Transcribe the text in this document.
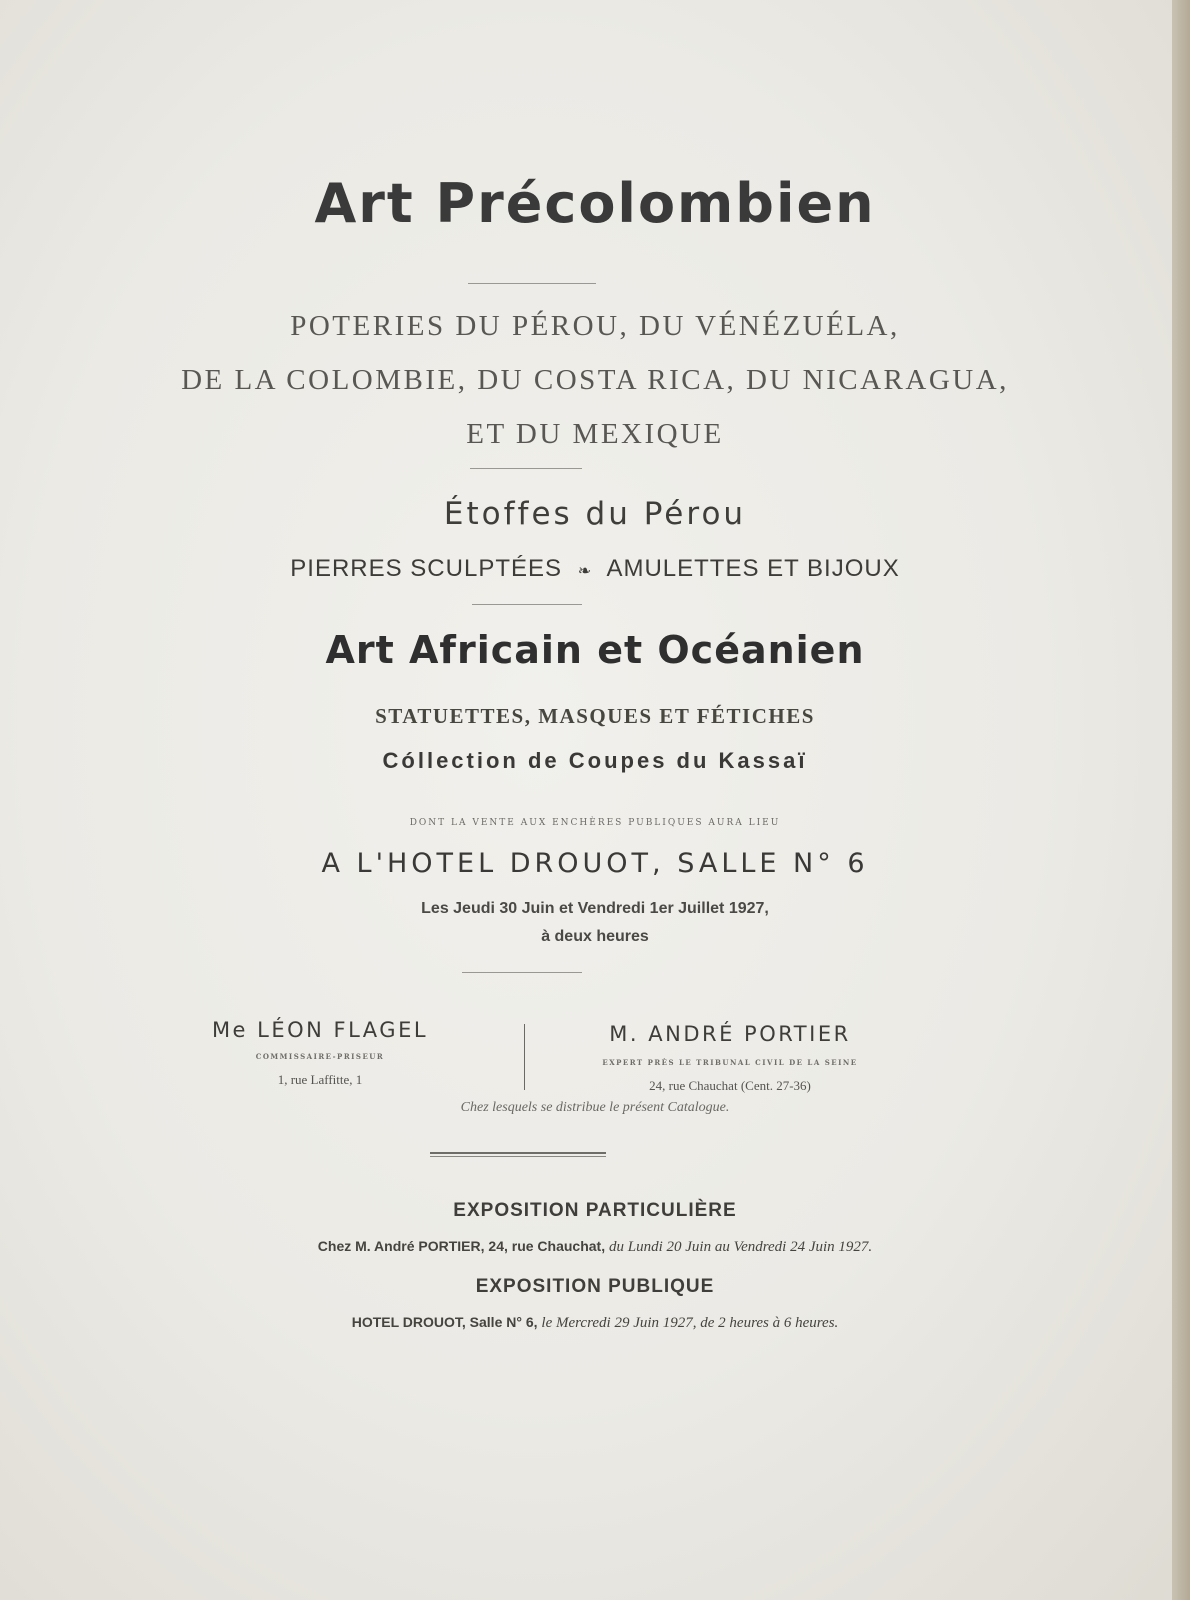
Art Précolombien
POTERIES DU PÉROU, DU VÉNÉZUÉLA,
DE LA COLOMBIE, DU COSTA RICA, DU NICARAGUA,
ET DU MEXIQUE
Étoffes du Pérou
PIERRES SCULPTÉES ❧ AMULETTES ET BIJOUX
Art Africain et Océanien
STATUETTES, MASQUES ET FÉTICHES
Cóllection de Coupes du Kassaï
DONT LA VENTE AUX ENCHÈRES PUBLIQUES AURA LIEU
A L'HOTEL DROUOT, SALLE N° 6
Les Jeudi 30 Juin et Vendredi 1er Juillet 1927,
à deux heures
Me LÉON FLAGEL
COMMISSAIRE-PRISEUR
1, rue Laffitte, 1
M. ANDRÉ PORTIER
EXPERT PRÈS LE TRIBUNAL CIVIL DE LA SEINE
24, rue Chauchat (Cent. 27-36)
Chez lesquels se distribue le présent Catalogue.
EXPOSITION PARTICULIÈRE
Chez M. André PORTIER, 24, rue Chauchat, du Lundi 20 Juin au Vendredi 24 Juin 1927.
EXPOSITION PUBLIQUE
HOTEL DROUOT, Salle N° 6, le Mercredi 29 Juin 1927, de 2 heures à 6 heures.
